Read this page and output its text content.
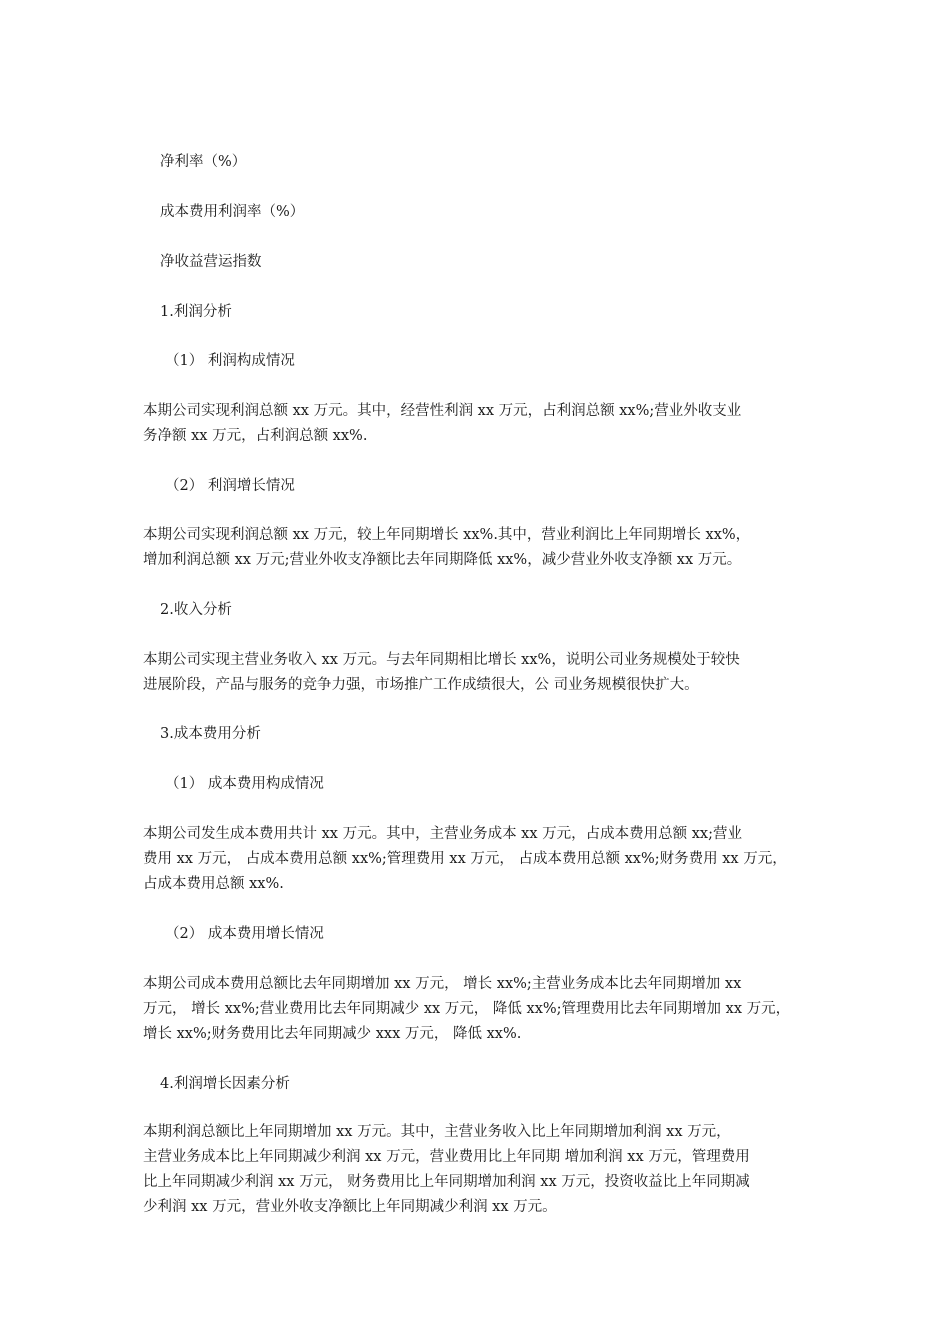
净利率（%）
成本费用利润率（%）
净收益营运指数
1.利润分析
（1） 利润构成情况
本期公司实现利润总额 xx 万元。其中，经营性利润 xx 万元，占利润总额 xx%;营业外收支业
务净额 xx 万元，占利润总额 xx%.
（2） 利润增长情况
本期公司实现利润总额 xx 万元，较上年同期增长 xx%.其中，营业利润比上年同期增长 xx%，
增加利润总额 xx 万元;营业外收支净额比去年同期降低 xx%，减少营业外收支净额 xx 万元。
2.收入分析
本期公司实现主营业务收入 xx 万元。与去年同期相比增长 xx%，说明公司业务规模处于较快
进展阶段，产品与服务的竞争力强，市场推广工作成绩很大，公 司业务规模很快扩大。
3.成本费用分析
（1） 成本费用构成情况
本期公司发生成本费用共计 xx 万元。其中，主营业务成本 xx 万元，占成本费用总额 xx;营业
费用 xx 万元， 占成本费用总额 xx%;管理费用 xx 万元， 占成本费用总额 xx%;财务费用 xx 万元，
占成本费用总额 xx%.
（2） 成本费用增长情况
本期公司成本费用总额比去年同期增加 xx 万元， 增长 xx%;主营业务成本比去年同期增加 xx
万元， 增长 xx%;营业费用比去年同期减少 xx 万元， 降低 xx%;管理费用比去年同期增加 xx 万元，
增长 xx%;财务费用比去年同期减少 xxx 万元， 降低 xx%.
4.利润增长因素分析
本期利润总额比上年同期增加 xx 万元。其中，主营业务收入比上年同期增加利润 xx 万元，
主营业务成本比上年同期减少利润 xx 万元，营业费用比上年同期 增加利润 xx 万元，管理费用
比上年同期减少利润 xx 万元， 财务费用比上年同期增加利润 xx 万元，投资收益比上年同期减
少利润 xx 万元，营业外收支净额比上年同期减少利润 xx 万元。
